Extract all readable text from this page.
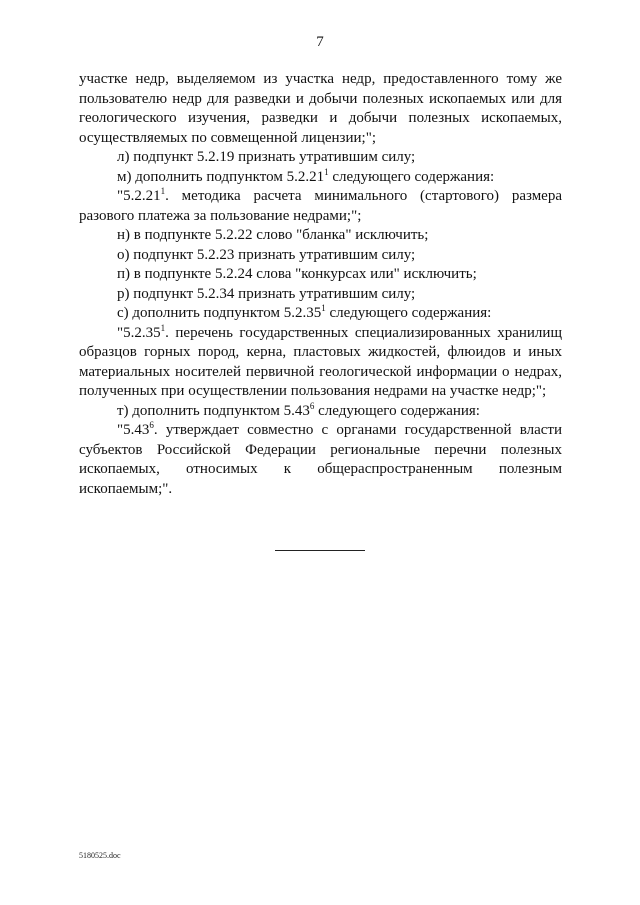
7

участке недр, выделяемом из участка недр, предоставленного тому же пользователю недр для разведки и добычи полезных ископаемых или для геологического изучения, разведки и добычи полезных ископаемых, осуществляемых по совмещенной лицензии;";

л) подпункт 5.2.19 признать утратившим силу;

м) дополнить подпунктом 5.2.21$^1$ следующего содержания:

"5.2.21$^1$. методика расчета минимального (стартового) размера разового платежа за пользование недрами;";

н) в подпункте 5.2.22 слово "бланка" исключить;

о) подпункт 5.2.23 признать утратившим силу;

п) в подпункте 5.2.24 слова "конкурсах или" исключить;

р) подпункт 5.2.34 признать утратившим силу;

с) дополнить подпунктом 5.2.35$^1$ следующего содержания:

"5.2.35$^1$. перечень государственных специализированных хранилищ образцов горных пород, керна, пластовых жидкостей, флюидов и иных материальных носителей первичной геологической информации о недрах, полученных при осуществлении пользования недрами на участке недр;";

т) дополнить подпунктом 5.43$^6$ следующего содержания:

"5.43$^6$. утверждает совместно с органами государственной власти субъектов Российской Федерации региональные перечни полезных ископаемых, относимых к общераспространенным полезным ископаемым;".

5180525.doc
